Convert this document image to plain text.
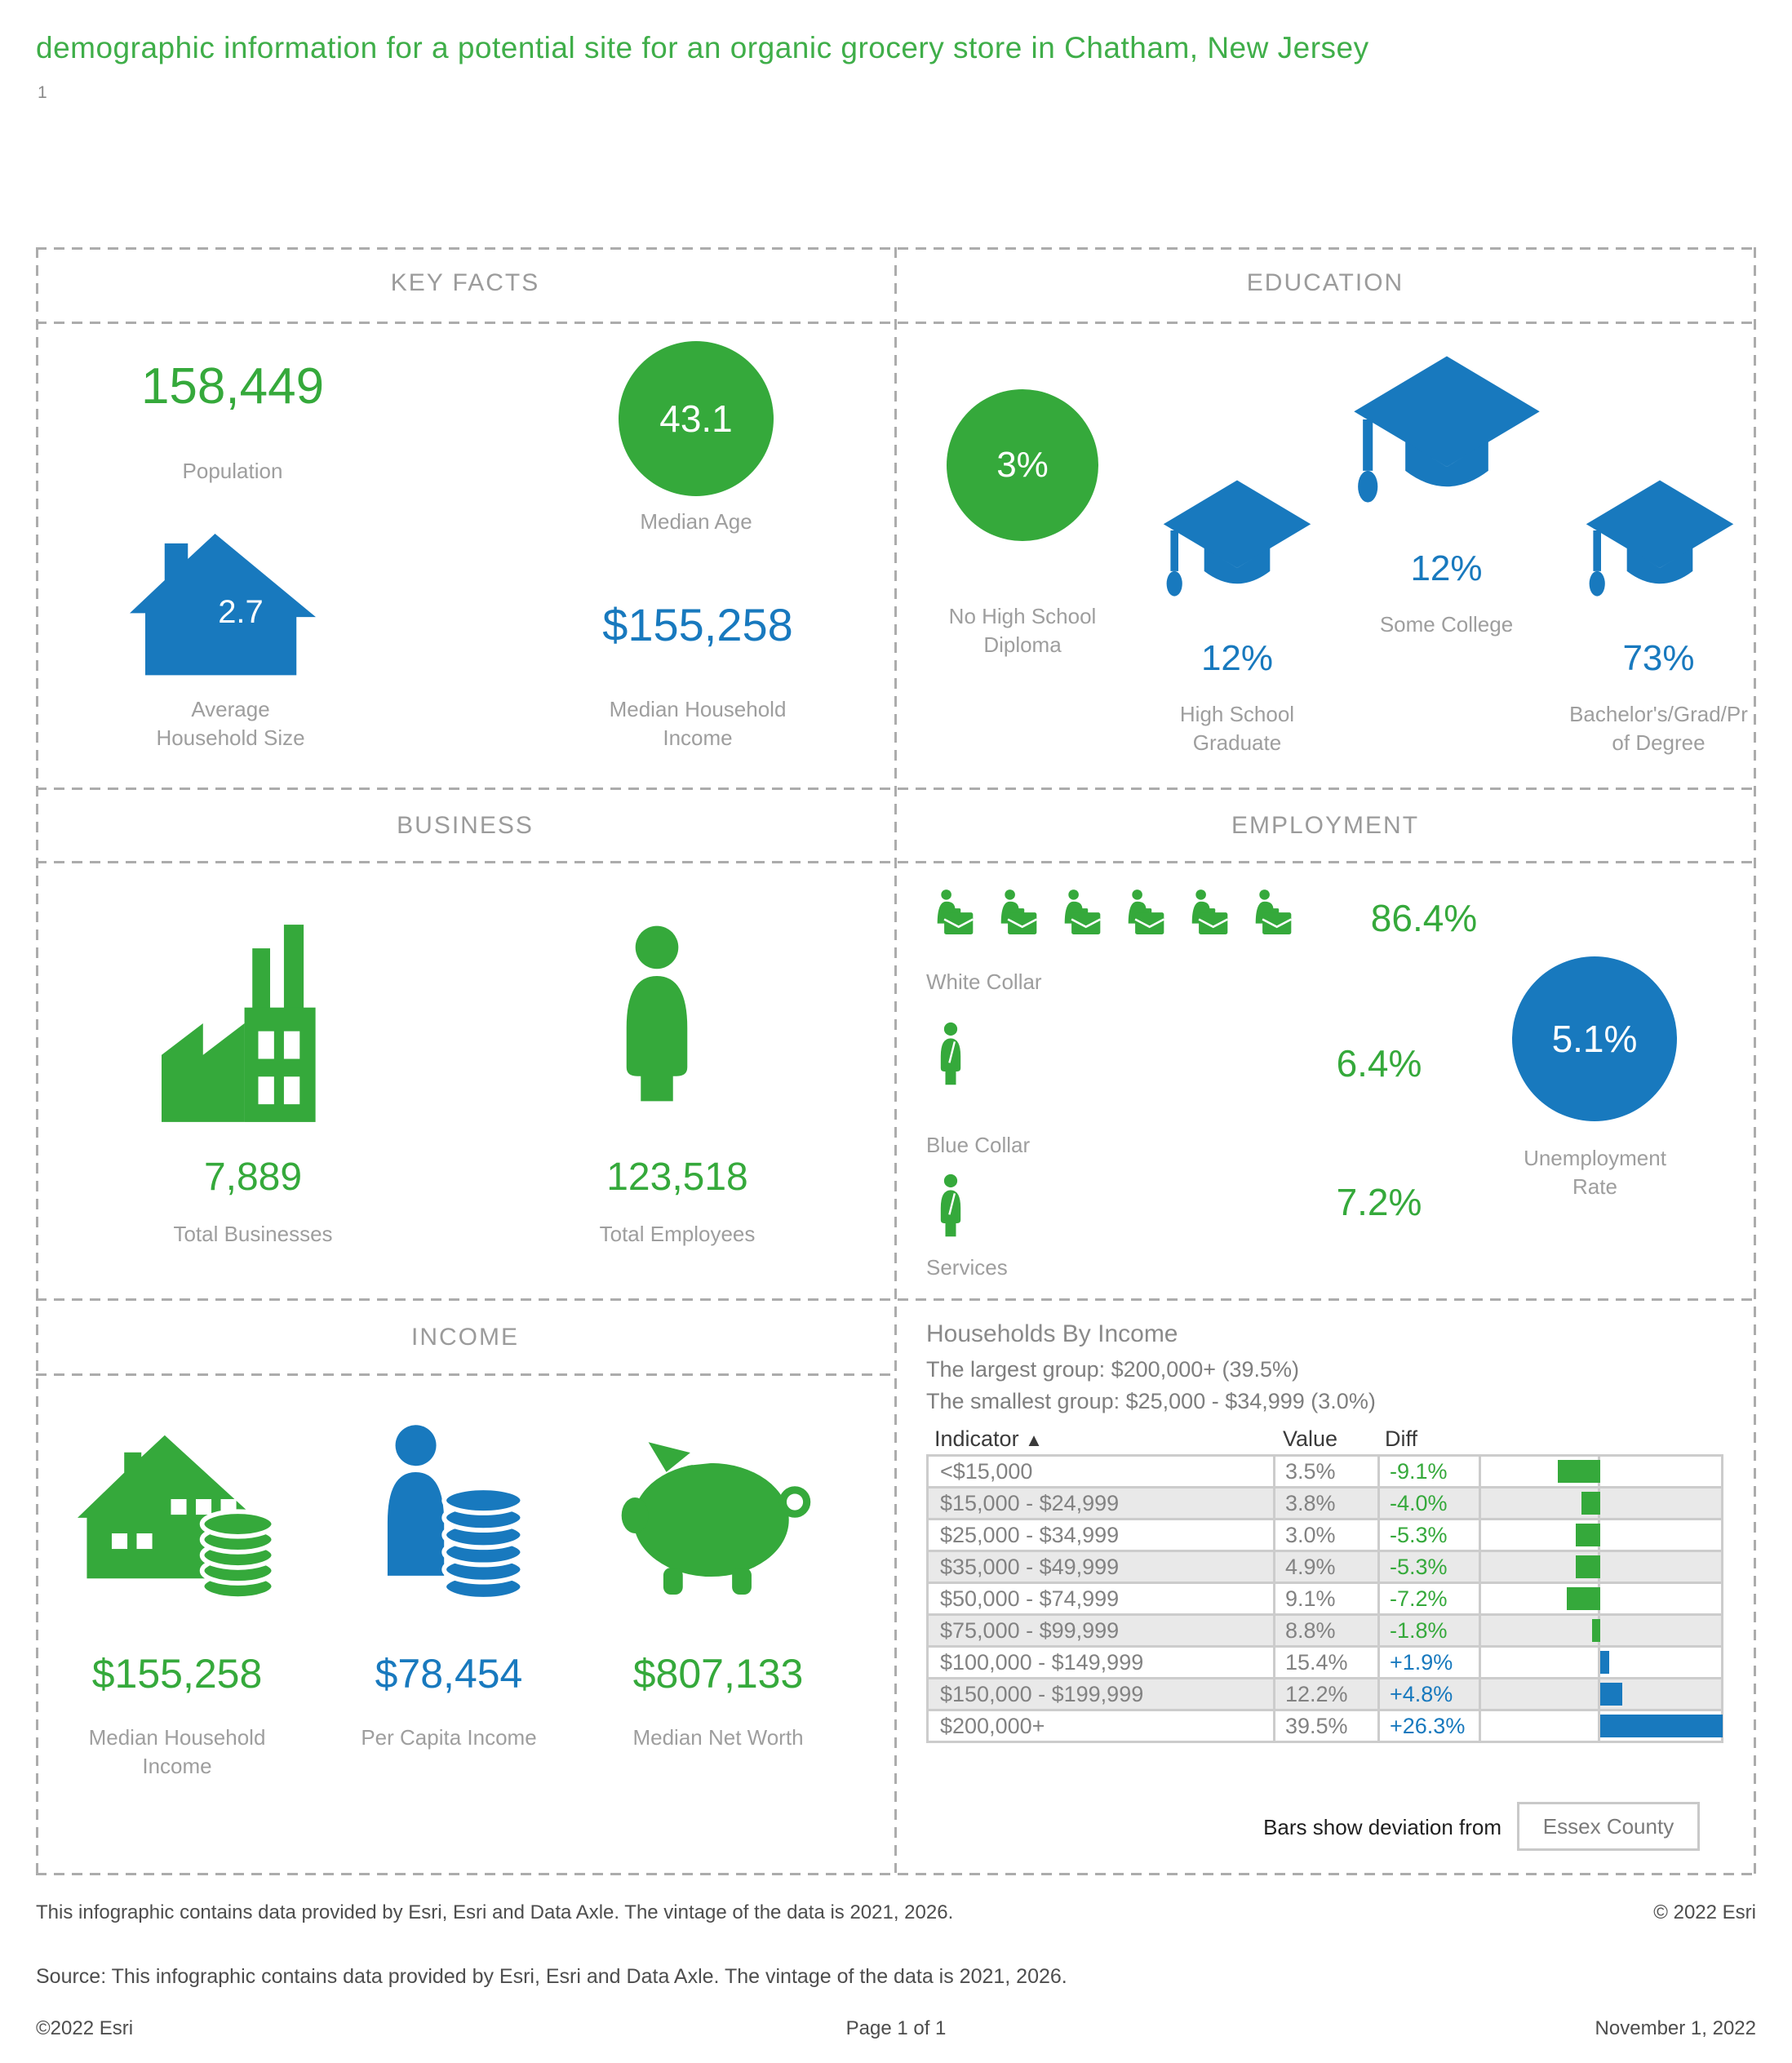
demographic information for a potential site for an organic grocery store in Chatham, New Jersey
1
KEY FACTS	EDUCATION
BUSINESS	EMPLOYMENT
INCOME
158,449
Population
43.1
Median Age
2.7
Average
Household Size
$155,258
Median Household
Income
3%
No High School
Diploma	12%
High School
Graduate
12%
Some College
73%
Bachelor's/Grad/Pr
of Degree
7,889
Total Businesses
123,518
Total Employees
86.4%
White Collar
6.4%
Blue Collar
5.1%
Unemployment
Rate
7.2%
Services
$155,258	$78,454	$807,133
Median Household
Income
Per Capita Income	Median Net Worth
Households By Income
The largest group: $200,000+ (39.5%)
The smallest group: $25,000 - $34,999 (3.0%)
Indicator ▲	Value Diff
<$15,000	3.5%	-9.1%
$15,000 - $24,999	3.8%	-4.0%
$25,000 - $34,999	3.0%	-5.3%
$35,000 - $49,999	4.9%	-5.3%
$50,000 - $74,999	9.1%	-7.2%
$75,000 - $99,999	8.8%	-1.8%
$100,000 - $149,999	15.4%	+1.9%
$150,000 - $199,999	12.2%	+4.8%
$200,000+	39.5%	+26.3%
Bars show deviation from	Essex County
This infographic contains data provided by Esri, Esri and Data Axle. The vintage of the data is 2021, 2026.	© 2022 Esri
Source: This infographic contains data provided by Esri, Esri and Data Axle. The vintage of the data is 2021, 2026.
©2022 Esri	Page 1 of 1	November 1, 2022
